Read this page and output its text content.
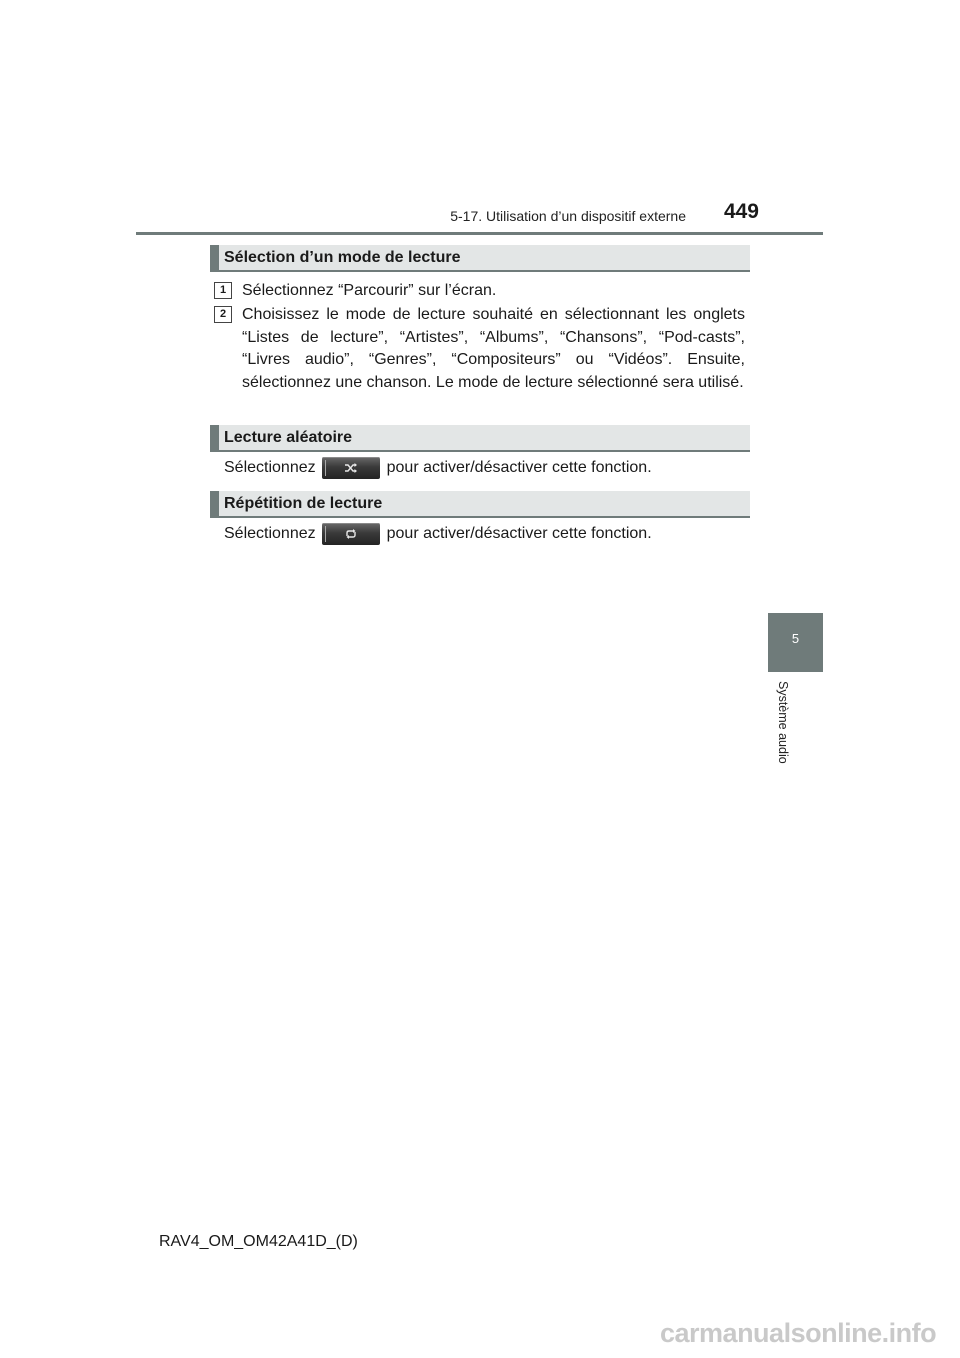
5-17. Utilisation d’un dispositif externe	449
5
Système audio
Sélection d’un mode de lecture
1 Sélectionnez “Parcourir” sur l’écran.
2 Choisissez le mode de lecture souhaité en sélectionnant les onglets “Listes de lecture”, “Artistes”, “Albums”, “Chansons”, “Pod-casts”, “Livres audio”, “Genres”, “Compositeurs” ou “Vidéos”. Ensuite, sélectionnez une chanson. Le mode de lecture sélectionné sera utilisé.
Lecture aléatoire
Sélectionnez	pour activer/désactiver cette fonction.
Répétition de lecture
Sélectionnez	pour activer/désactiver cette fonction.
RAV4_OM_OM42A41D_(D)
carmanualsonline.info
